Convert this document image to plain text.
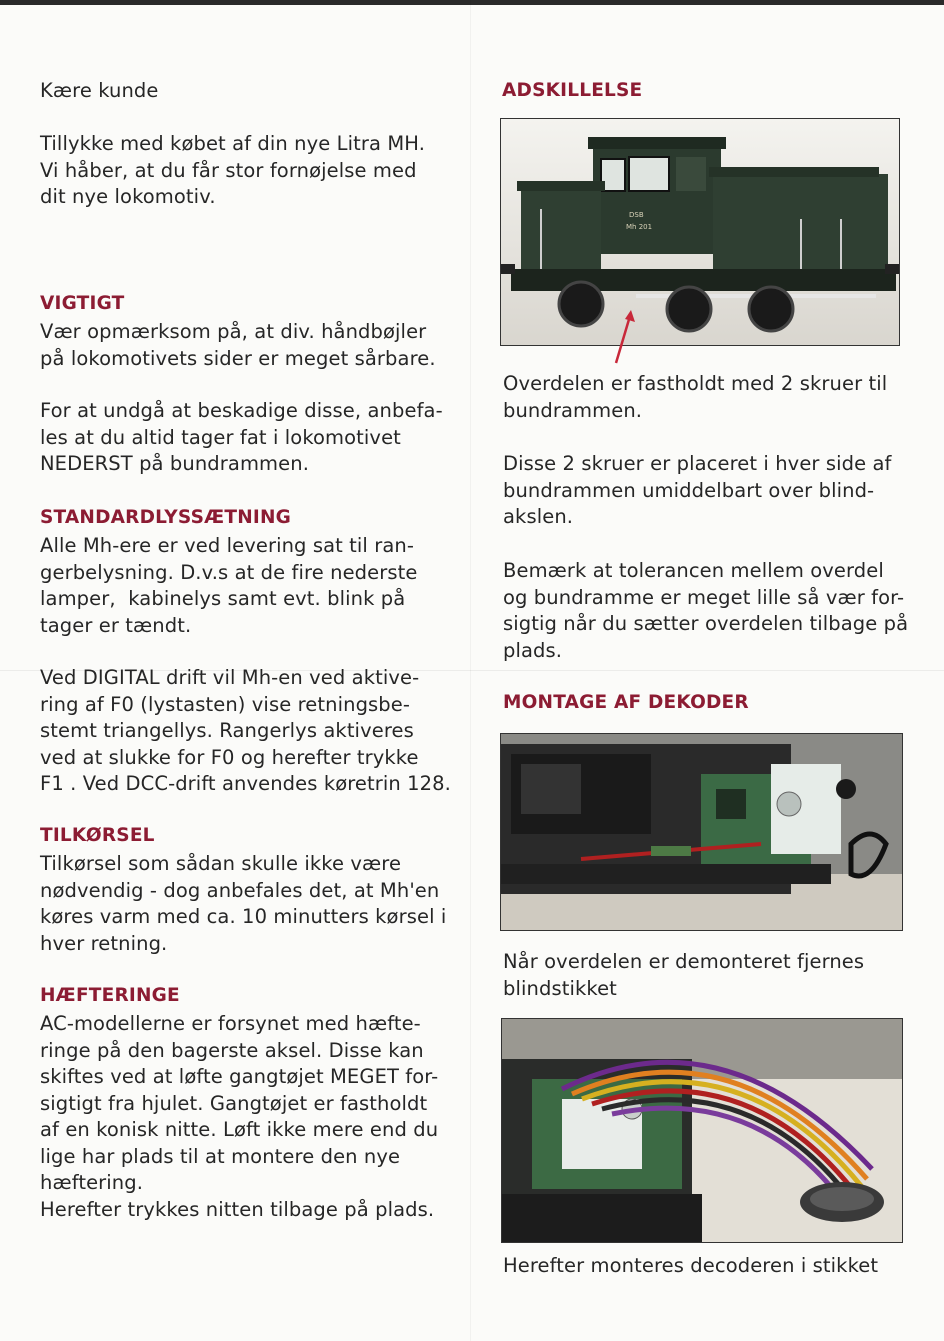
Kære kunde

Tillykke med købet af din nye Litra MH.
Vi håber, at du får stor fornøjelse med
dit nye lokomotiv.

VIGTIGT

Vær opmærksom på, at div. håndbøjler
på lokomotivets sider er meget sårbare.

For at undgå at beskadige disse, anbefa-
les at du altid tager fat i lokomotivet
NEDERST på bundrammen.

STANDARDLYSSÆTNING

Alle Mh-ere er ved levering sat til ran-
gerbelysning. D.v.s at de fire nederste
lamper,  kabinelys samt evt. blink på
tager er tændt.

Ved DIGITAL drift vil Mh-en ved aktive-
ring af F0 (lystasten) vise retningsbe-
stemt triangellys. Rangerlys aktiveres
ved at slukke for F0 og herefter trykke
F1 . Ved DCC-drift anvendes køretrin 128.

TILKØRSEL

Tilkørsel som sådan skulle ikke være
nødvendig - dog anbefales det, at Mh'en
køres varm med ca. 10 minutters kørsel i
hver retning.

HÆFTERINGE

AC-modellerne er forsynet med hæfte-
ringe på den bagerste aksel. Disse kan
skiftes ved at løfte gangtøjet MEGET for-
sigtigt fra hjulet. Gangtøjet er fastholdt
af en konisk nitte. Løft ikke mere end du
lige har plads til at montere den nye
hæftering.
Herefter trykkes nitten tilbage på plads.

ADSKILLELSE

DSB
Mh 201

Overdelen er fastholdt med 2 skruer til
bundrammen.

Disse 2 skruer er placeret i hver side af
bundrammen umiddelbart over blind-
akslen.

Bemærk at tolerancen mellem overdel
og bundramme er meget lille så vær for-
sigtig når du sætter overdelen tilbage på
plads.

MONTAGE AF DEKODER

Når overdelen er demonteret fjernes
blindstikket

Herefter monteres decoderen i stikket
